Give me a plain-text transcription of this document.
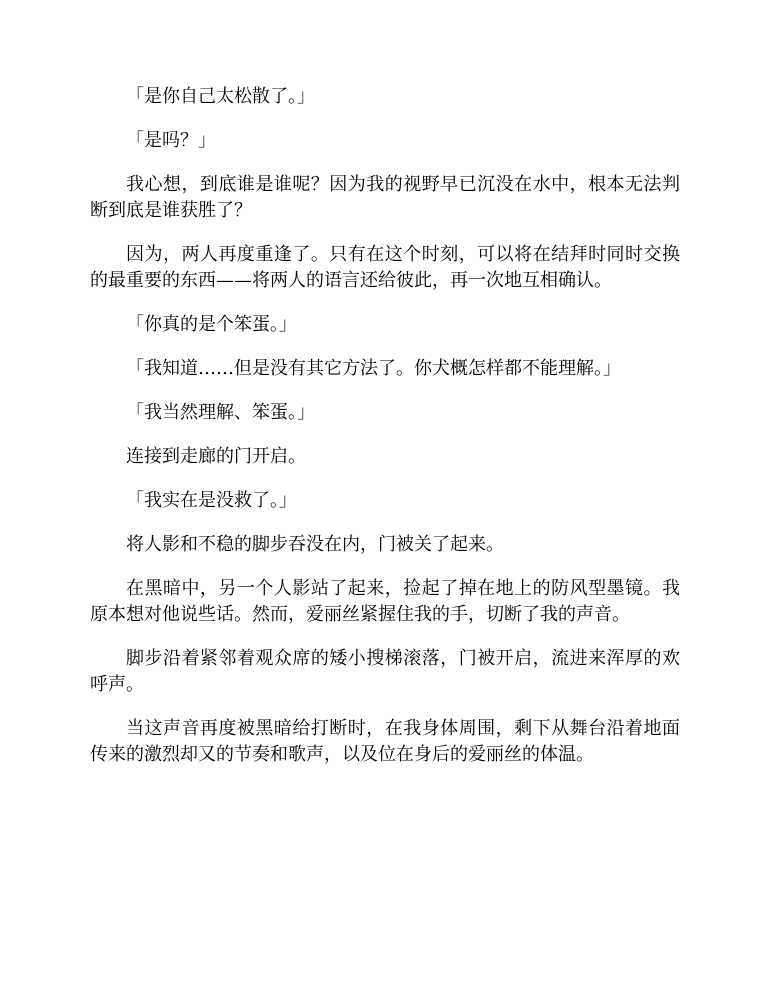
「是你自己太松散了。」

「是吗？」

我心想，到底谁是谁呢？因为我的视野早已沉没在水中，根本无法判断到底是谁获胜了？

因为，两人再度重逢了。只有在这个时刻，可以将在结拜时同时交换的最重要的东西——将两人的语言还给彼此，再一次地互相确认。

「你真的是个笨蛋。」

「我知道……但是没有其它方法了。你犬概怎样都不能理解。」

「我当然理解、笨蛋。」

连接到走廊的门开启。

「我实在是没救了。」

将人影和不稳的脚步吞没在内，门被关了起来。

在黑暗中，另一个人影站了起来，捡起了掉在地上的防风型墨镜。我原本想对他说些话。然而，爱丽丝紧握住我的手，切断了我的声音。

脚步沿着紧邻着观众席的矮小搜梯滚落，门被开启，流进来浑厚的欢呼声。

当这声音再度被黑暗给打断时，在我身体周围，剩下从舞台沿着地面传来的激烈却又的节奏和歌声，以及位在身后的爱丽丝的体温。
